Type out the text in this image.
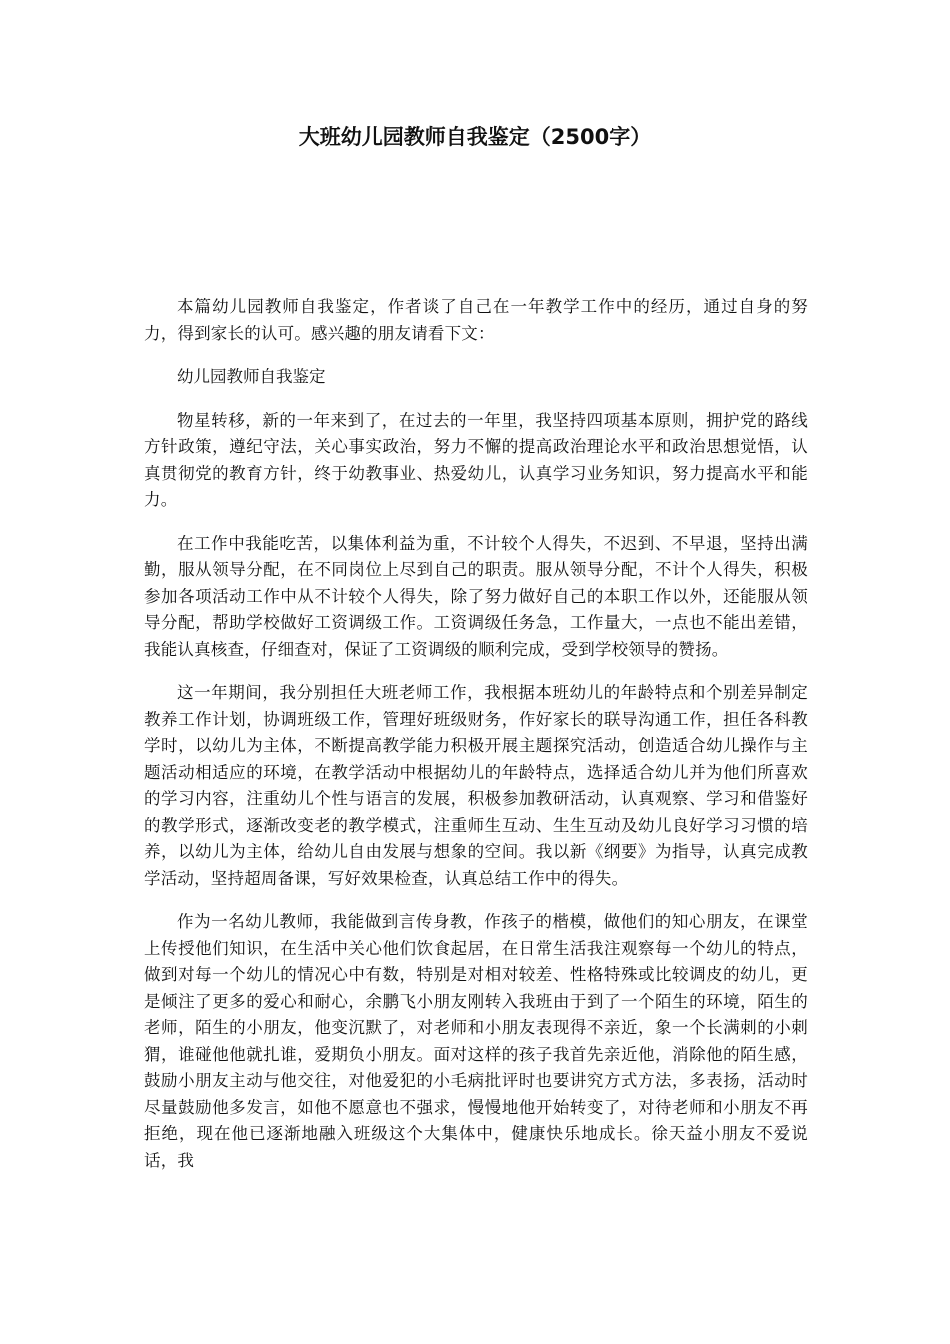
大班幼儿园教师自我鉴定（2500字）

本篇幼儿园教师自我鉴定，作者谈了自己在一年教学工作中的经历，通过自身的努力，得到家长的认可。感兴趣的朋友请看下文：

幼儿园教师自我鉴定

物星转移，新的一年来到了，在过去的一年里，我坚持四项基本原则，拥护党的路线方针政策，遵纪守法，关心事实政治，努力不懈的提高政治理论水平和政治思想觉悟，认真贯彻党的教育方针，终于幼教事业、热爱幼儿，认真学习业务知识，努力提高水平和能力。

在工作中我能吃苦，以集体利益为重，不计较个人得失，不迟到、不早退，坚持出满勤，服从领导分配，在不同岗位上尽到自己的职责。服从领导分配，不计个人得失，积极参加各项活动工作中从不计较个人得失，除了努力做好自己的本职工作以外，还能服从领导分配，帮助学校做好工资调级工作。工资调级任务急，工作量大，一点也不能出差错，我能认真核查，仔细查对，保证了工资调级的顺利完成，受到学校领导的赞扬。

这一年期间，我分别担任大班老师工作，我根据本班幼儿的年龄特点和个别差异制定教养工作计划，协调班级工作，管理好班级财务，作好家长的联导沟通工作，担任各科教学时，以幼儿为主体，不断提高教学能力积极开展主题探究活动，创造适合幼儿操作与主题活动相适应的环境，在教学活动中根据幼儿的年龄特点，选择适合幼儿并为他们所喜欢的学习内容，注重幼儿个性与语言的发展，积极参加教研活动，认真观察、学习和借鉴好的教学形式，逐渐改变老的教学模式，注重师生互动、生生互动及幼儿良好学习习惯的培养，以幼儿为主体，给幼儿自由发展与想象的空间。我以新《纲要》为指导，认真完成教学活动，坚持超周备课，写好效果检查，认真总结工作中的得失。

作为一名幼儿教师，我能做到言传身教，作孩子的楷模，做他们的知心朋友，在课堂上传授他们知识，在生活中关心他们饮食起居，在日常生活我注观察每一个幼儿的特点，做到对每一个幼儿的情况心中有数，特别是对相对较差、性格特殊或比较调皮的幼儿，更是倾注了更多的爱心和耐心，余鹏飞小朋友刚转入我班由于到了一个陌生的环境，陌生的老师，陌生的小朋友，他变沉默了，对老师和小朋友表现得不亲近，象一个长满刺的小刺猬，谁碰他他就扎谁，爱期负小朋友。面对这样的孩子我首先亲近他，消除他的陌生感，鼓励小朋友主动与他交往，对他爱犯的小毛病批评时也要讲究方式方法，多表扬，活动时尽量鼓励他多发言，如他不愿意也不强求，慢慢地他开始转变了，对待老师和小朋友不再拒绝，现在他已逐渐地融入班级这个大集体中，健康快乐地成长。徐天益小朋友不爱说话，我
